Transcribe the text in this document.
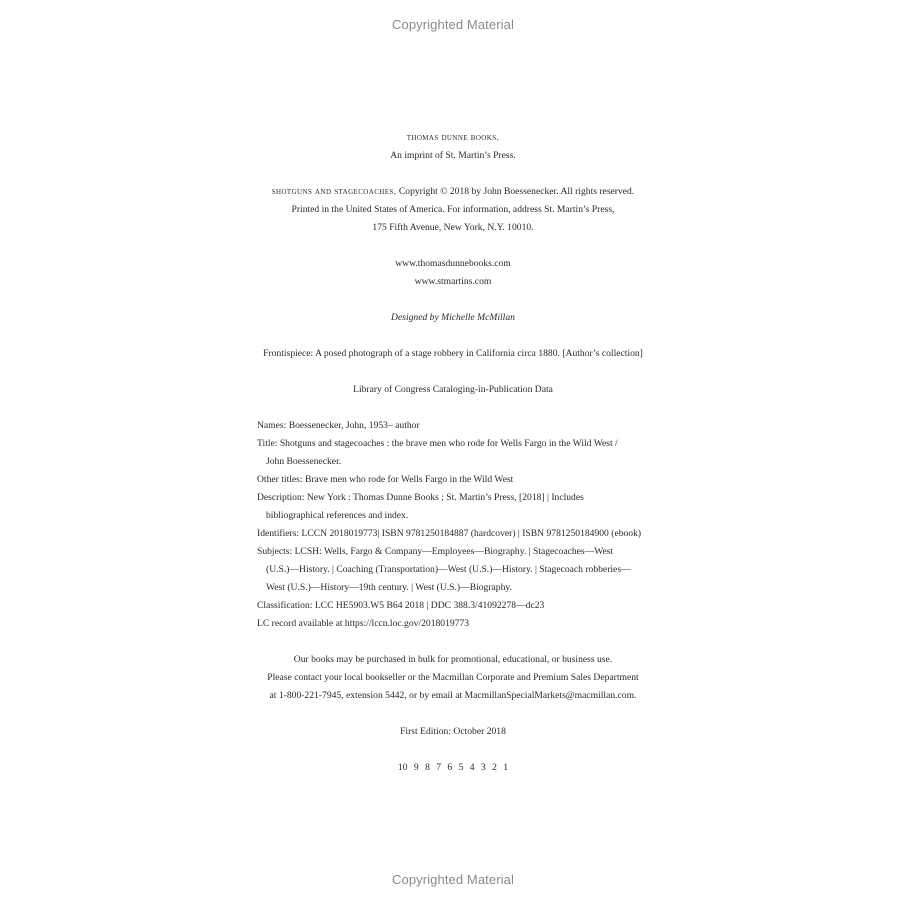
Copyrighted Material
thomas dunne books.
An imprint of St. Martin’s Press.
shotguns and stagecoaches. Copyright © 2018 by John Boessenecker. All rights reserved.
Printed in the United States of America. For information, address St. Martin’s Press,
175 Fifth Avenue, New York, N.Y. 10010.
www.thomasdunnebooks.com
www.stmartins.com
Designed by Michelle McMillan
Frontispiece: A posed photograph of a stage robbery in California circa 1880. [Author’s collection]
Library of Congress Cataloging-in-Publication Data
Names: Boessenecker, John, 1953– author
Title: Shotguns and stagecoaches : the brave men who rode for Wells Fargo in the Wild West /
John Boessenecker.
Other titles: Brave men who rode for Wells Fargo in the Wild West
Description: New York : Thomas Dunne Books ; St. Martin’s Press, [2018] | Includes
bibliographical references and index.
Identifiers: LCCN 2018019773| ISBN 9781250184887 (hardcover) | ISBN 9781250184900 (ebook)
Subjects: LCSH: Wells, Fargo & Company—Employees—Biography. | Stagecoaches—West
(U.S.)—History. | Coaching (Transportation)—West (U.S.)—History. | Stagecoach robberies—
West (U.S.)—History—19th century. | West (U.S.)—Biography.
Classification: LCC HE5903.W5 B64 2018 | DDC 388.3/41092278—dc23
LC record available at https://lccn.loc.gov/2018019773
Our books may be purchased in bulk for promotional, educational, or business use.
Please contact your local bookseller or the Macmillan Corporate and Premium Sales Department
at 1-800-221-7945, extension 5442, or by email at MacmillanSpecialMarkets@macmillan.com.
First Edition: October 2018
10 9 8 7 6 5 4 3 2 1
Copyrighted Material
